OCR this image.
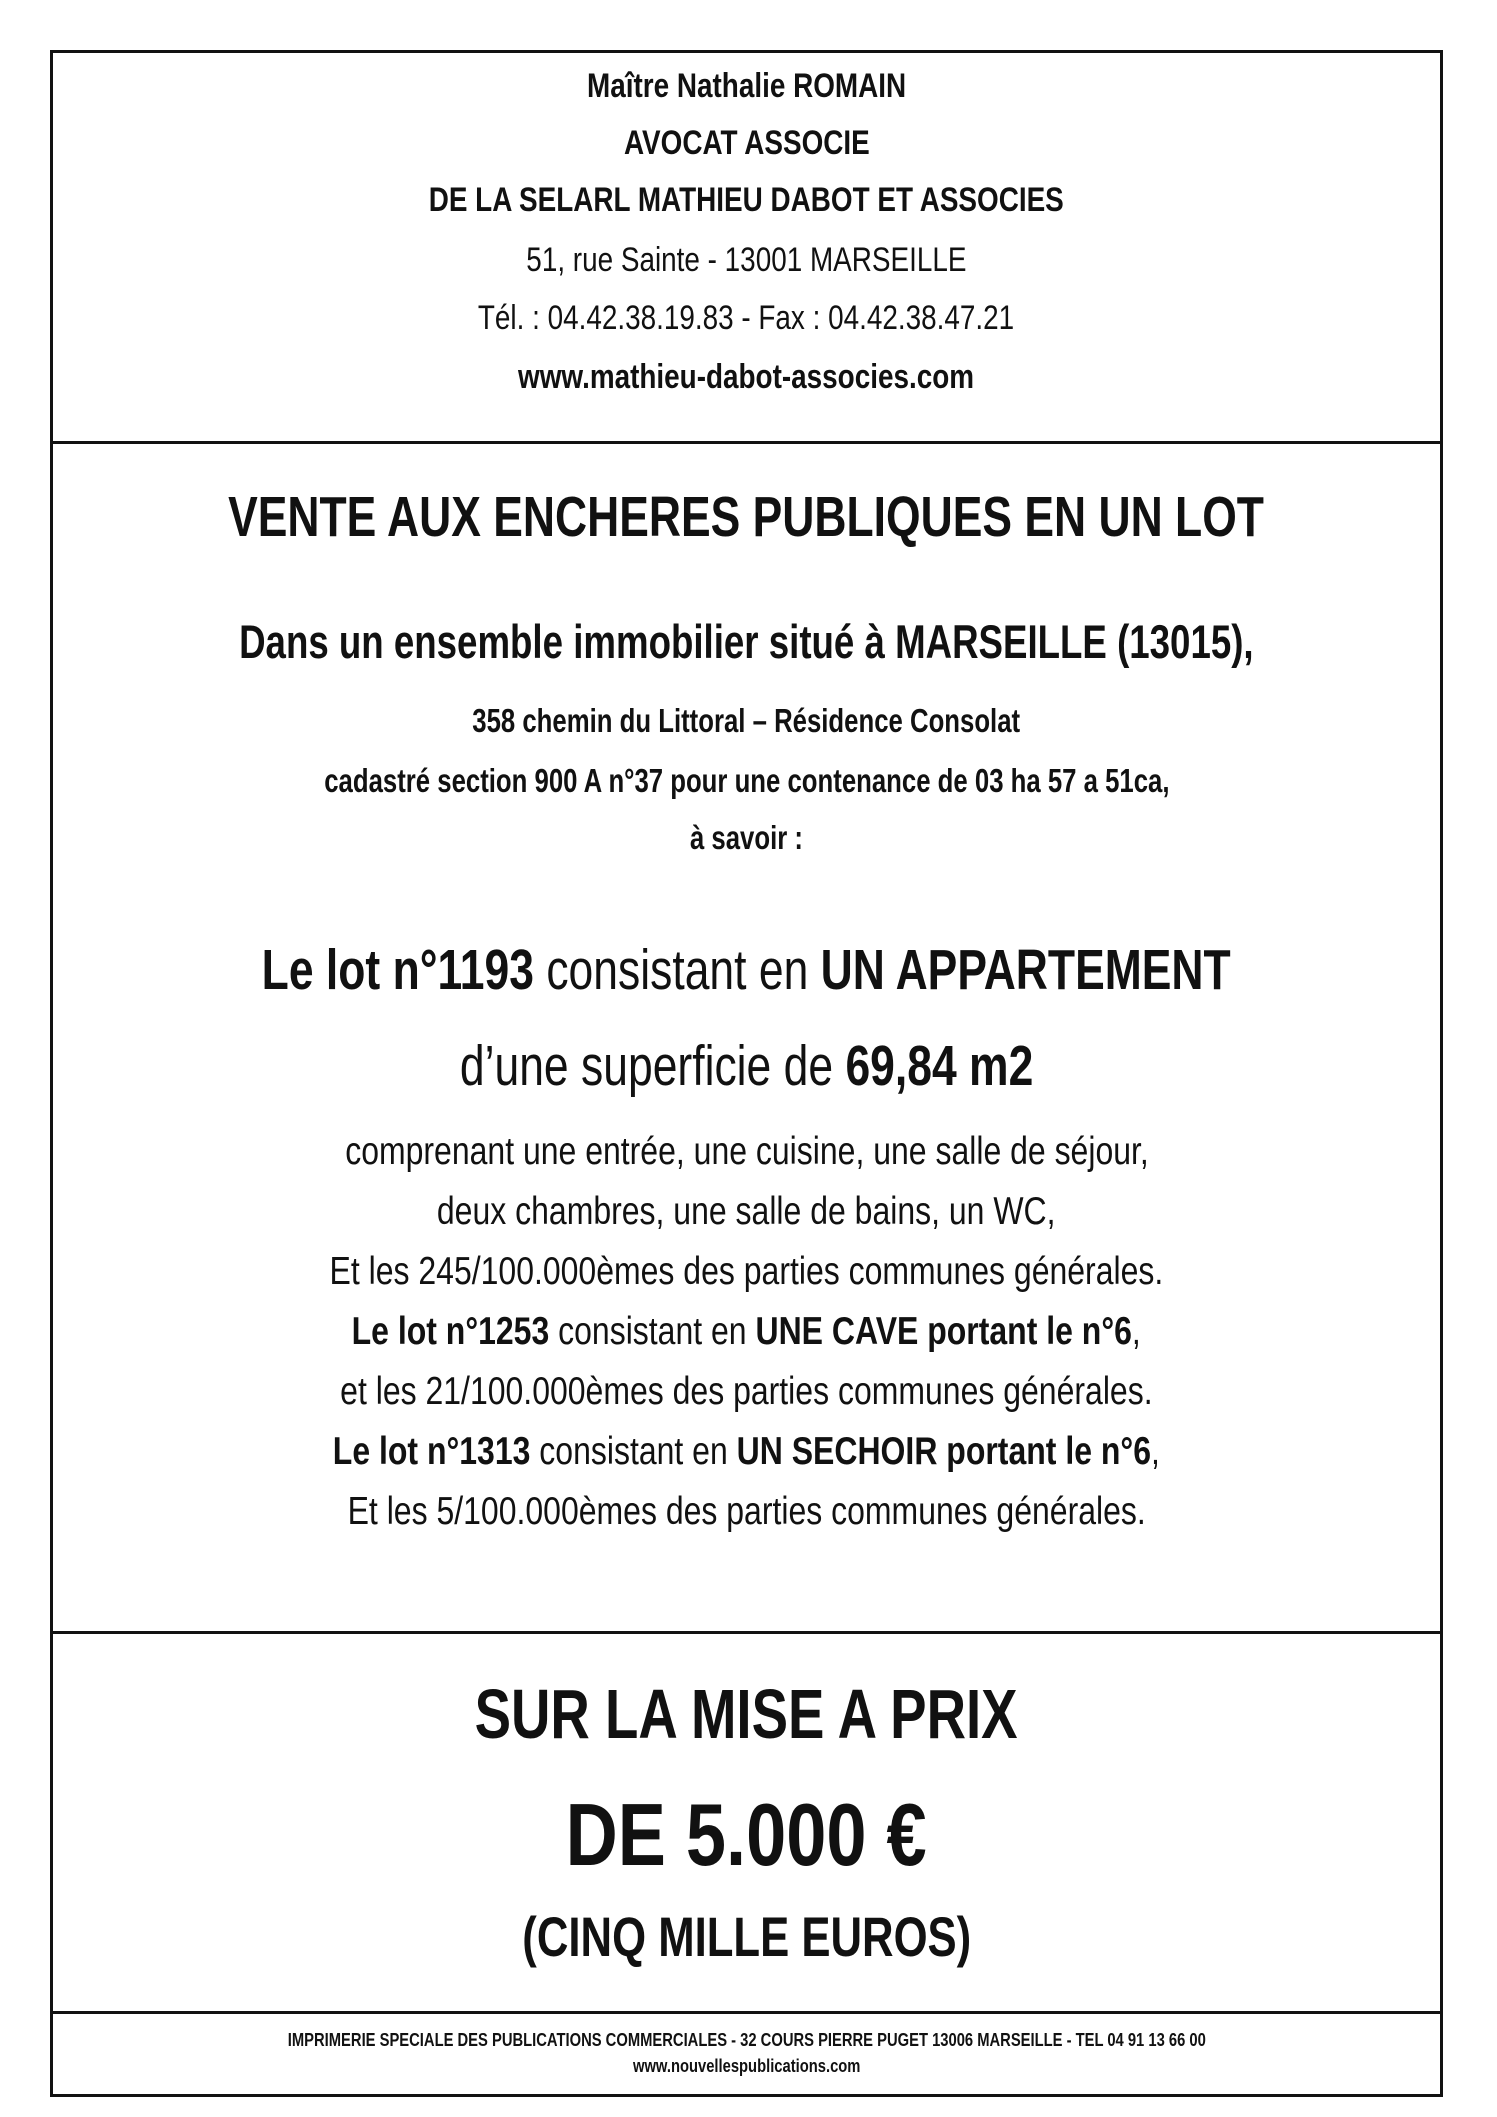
Maître Nathalie ROMAIN
AVOCAT ASSOCIE
DE LA SELARL MATHIEU DABOT ET ASSOCIES
51, rue Sainte - 13001 MARSEILLE
Tél. : 04.42.38.19.83 - Fax : 04.42.38.47.21
www.mathieu-dabot-associes.com
VENTE AUX ENCHERES PUBLIQUES EN UN LOT
Dans un ensemble immobilier situé à MARSEILLE (13015),
358 chemin du Littoral – Résidence Consolat
cadastré section 900 A n°37 pour une contenance de 03 ha 57 a 51ca,
à savoir :
Le lot n°1193 consistant en UN APPARTEMENT
d’une superficie de 69,84 m2
comprenant une entrée, une cuisine, une salle de séjour,
deux chambres, une salle de bains, un WC,
Et les 245/100.000èmes des parties communes générales.
Le lot n°1253 consistant en UNE CAVE portant le n°6,
et les 21/100.000èmes des parties communes générales.
Le lot n°1313 consistant en UN SECHOIR portant le n°6,
Et les 5/100.000èmes des parties communes générales.
SUR LA MISE A PRIX
DE 5.000 €
(CINQ MILLE EUROS)
IMPRIMERIE SPECIALE DES PUBLICATIONS COMMERCIALES - 32 COURS PIERRE PUGET 13006 MARSEILLE - TEL 04 91 13 66 00
www.nouvellespublications.com
